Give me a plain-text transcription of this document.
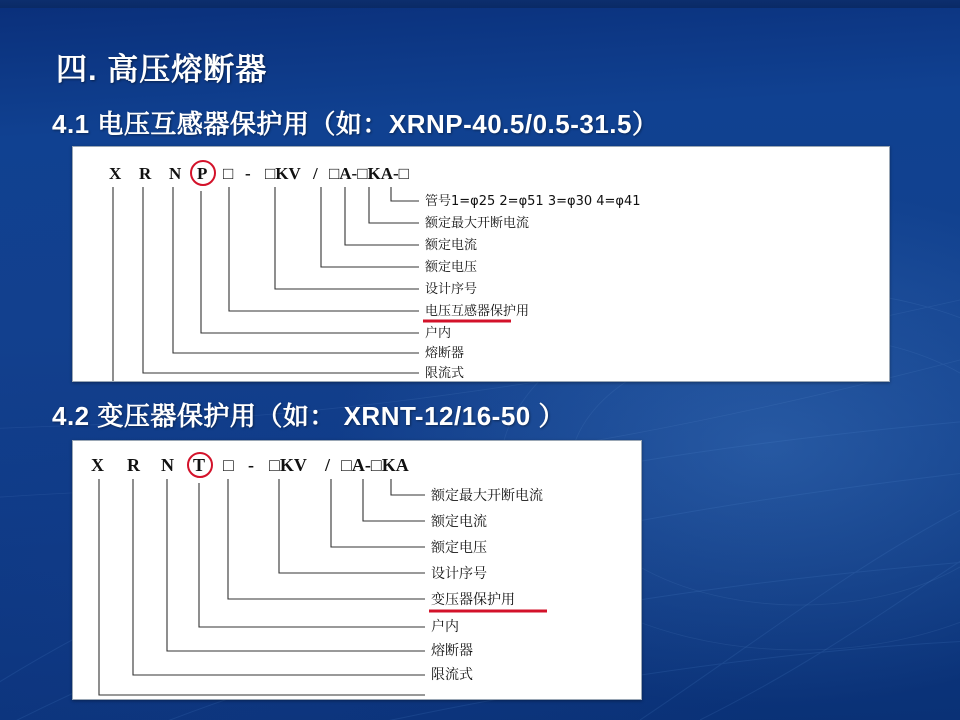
四. 高压熔断器
4.1 电压互感器保护用（如：XRNP-40.5/0.5-31.5）
X R N P □ - □KV / □A-□KA-□
管号1=φ25 2=φ51 3=φ30 4=φ41
额定最大开断电流
额定电流
额定电压
设计序号
电压互感器保护用
户内
熔断器
限流式
4.2 变压器保护用（如： XRNT-12/16-50 ）
X R N T □ - □KV / □A-□KA
额定最大开断电流
额定电流
额定电压
设计序号
变压器保护用
户内
熔断器
限流式
